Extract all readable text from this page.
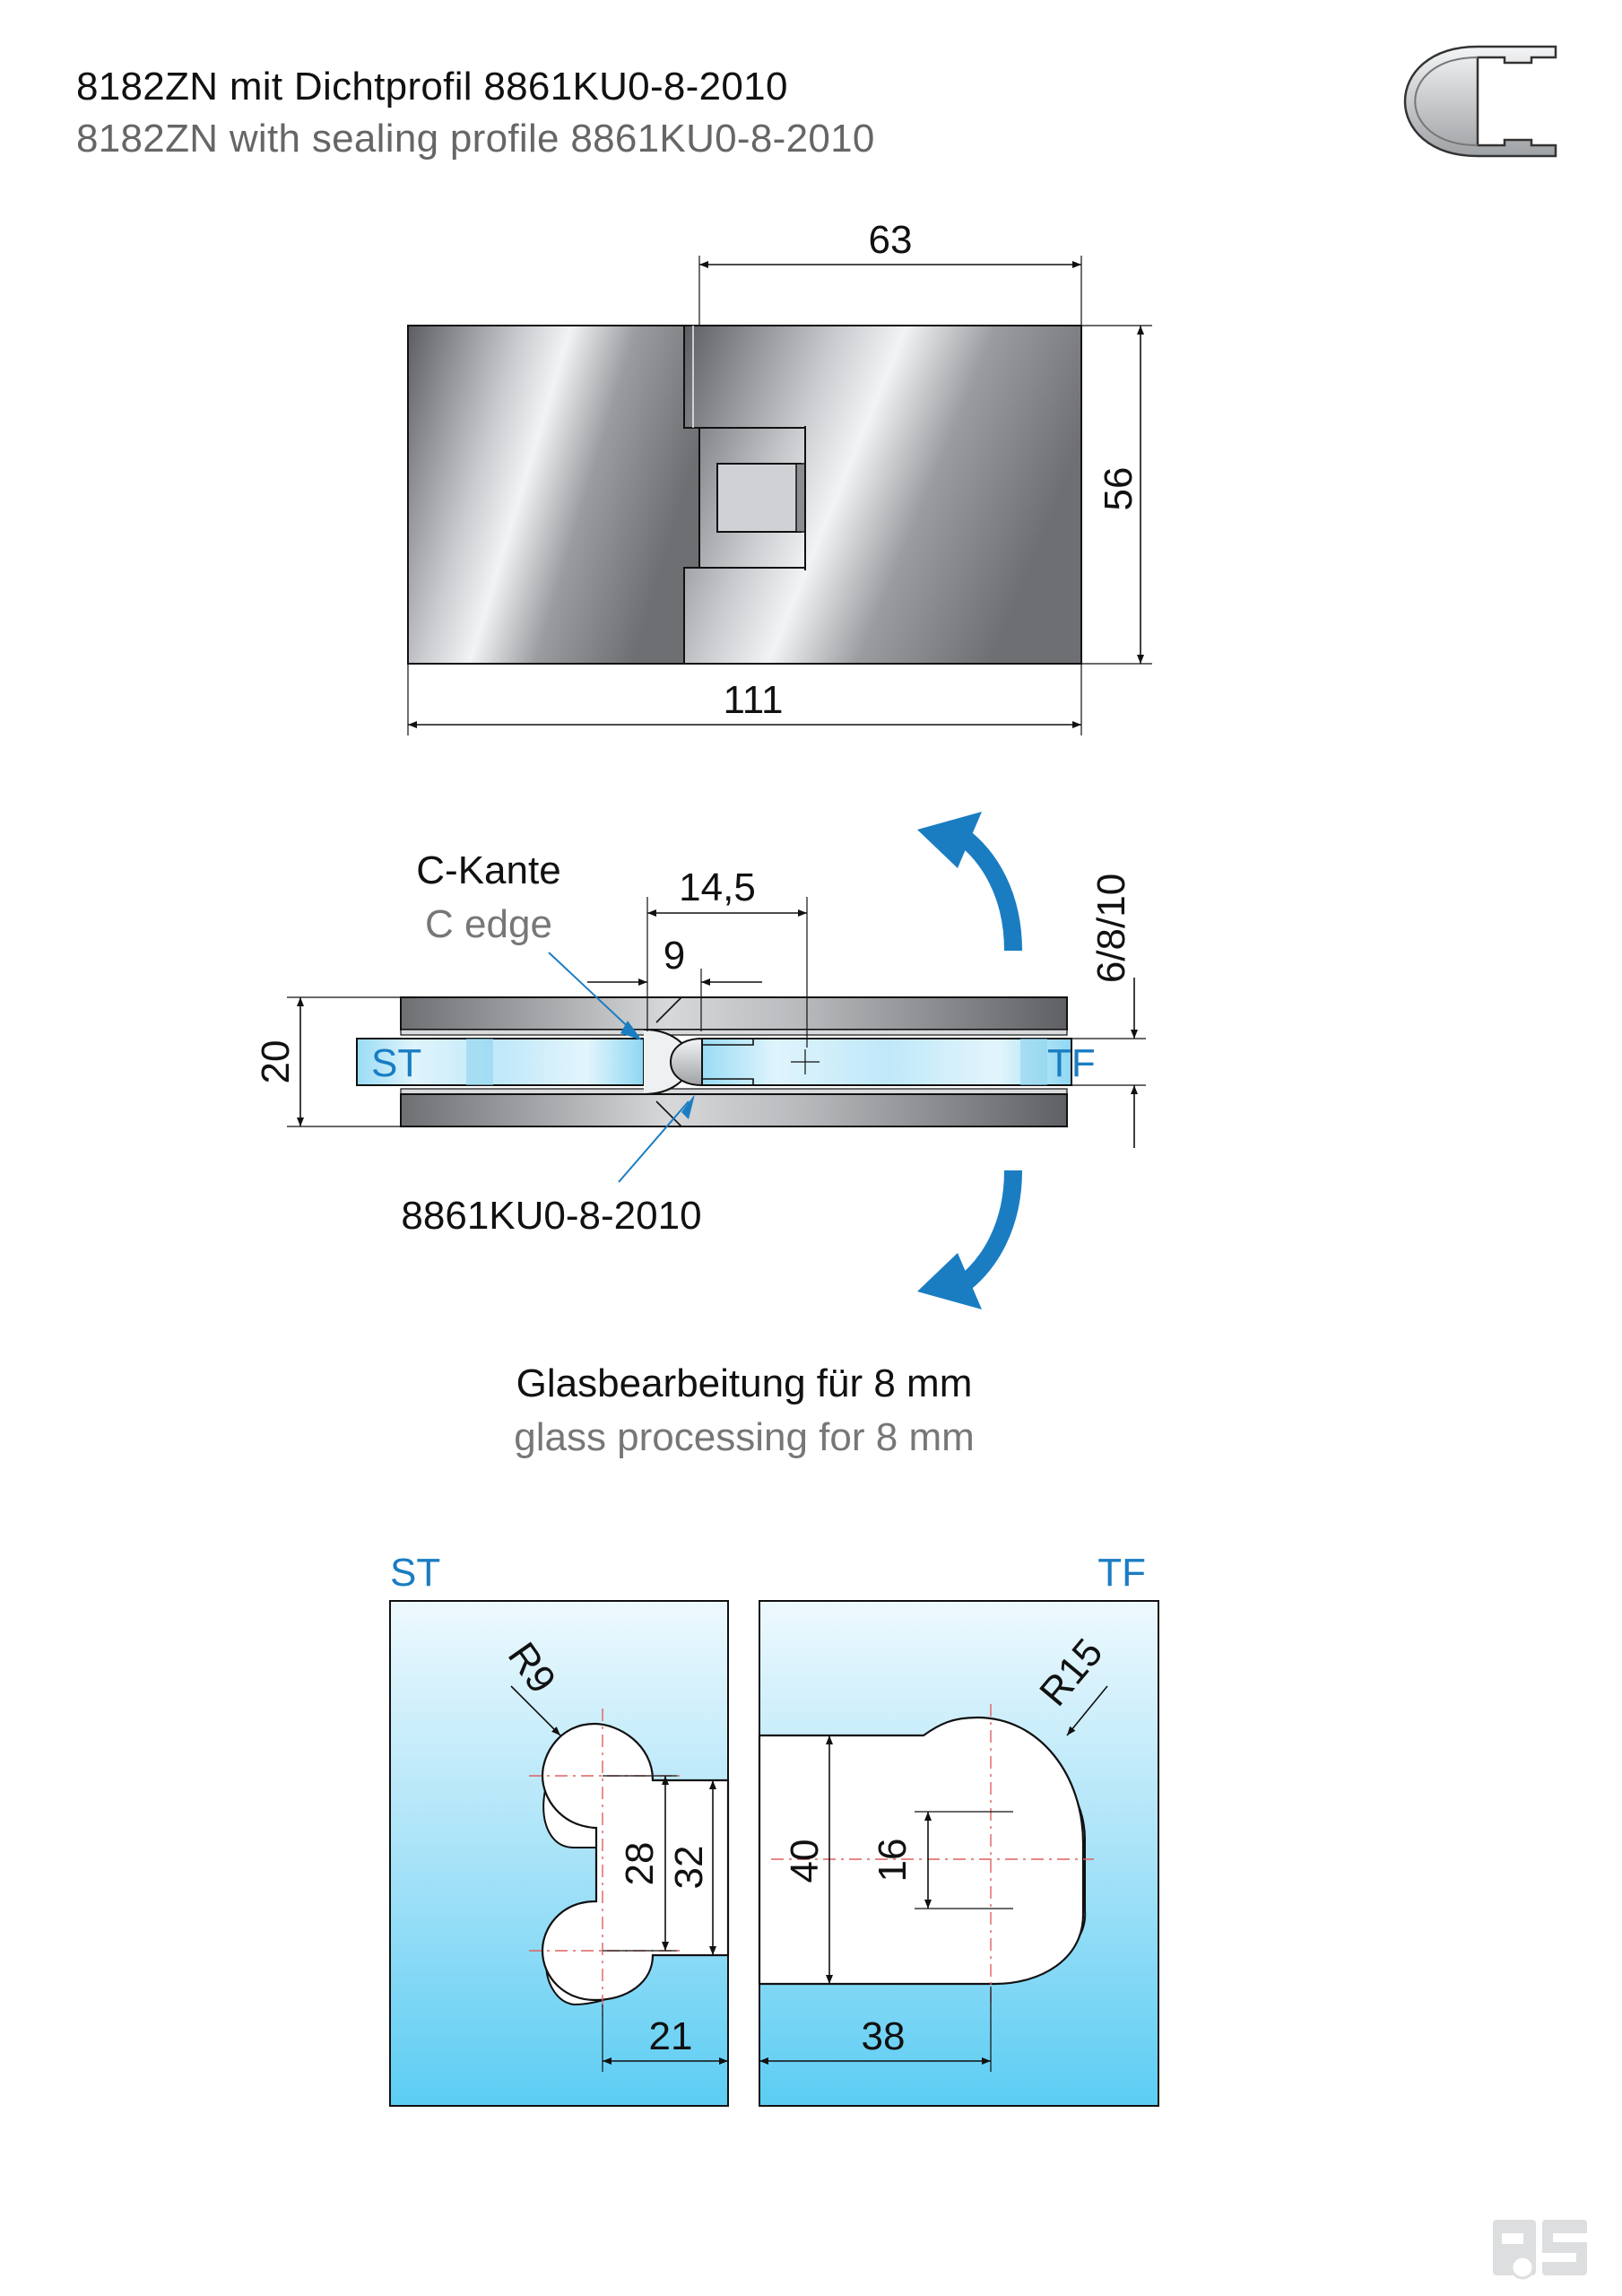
8182ZN mit Dichtprofil 8861KU0-8-2010
8182ZN with sealing profile 8861KU0-8-2010
63
56
111
ST	TF
C-Kante
C edge
8861KU0-8-2010
14,5
9
20
6/8/10
Glasbearbeitung für 8 mm
glass processing for 8 mm
ST	TF
R9	R15
28 32 40 16
21	38
